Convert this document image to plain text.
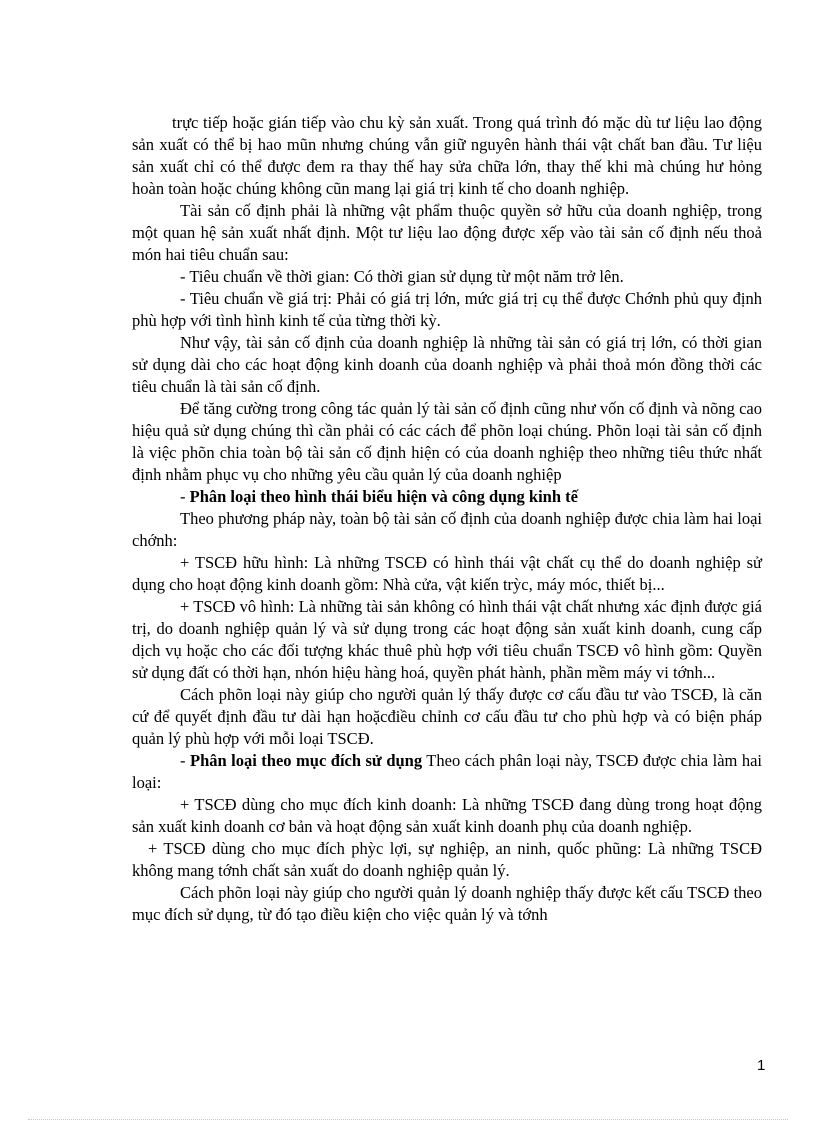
trực tiếp hoặc gián tiếp vào chu kỳ sản xuất. Trong quá trình đó mặc dù tư liệu lao động sản xuất có thể bị hao mũn nhưng chúng vẫn giữ nguyên hành thái vật chất ban đầu. Tư liệu sản xuất chỉ có thể được đem ra thay thế hay sửa chữa lớn, thay thế khi mà chúng hư hỏng hoàn toàn hoặc chúng không cũn mang lại giá trị kinh tế cho doanh nghiệp.

Tài sản cố định phải là những vật phẩm thuộc quyền sở hữu của doanh nghiệp, trong một quan hệ sản xuất nhất định. Một tư liệu lao động được xếp vào tài sản cố định nếu thoả món hai tiêu chuẩn sau:

- Tiêu chuẩn về thời gian: Có thời gian sử dụng từ một năm trở lên.

- Tiêu chuẩn về giá trị: Phải có giá trị lớn, mức giá trị cụ thể được Chớnh phủ quy định phù hợp với tình hình kinh tế của từng thời kỳ.

Như vậy, tài sản cố định của doanh nghiệp là những tài sản có giá trị lớn, có thời gian sử dụng dài cho các hoạt động kinh doanh của doanh nghiệp và phải thoả món đồng thời các tiêu chuẩn là tài sản cố định.

Để tăng cường trong công tác quản lý tài sản cố định cũng như vốn cố định và nõng cao hiệu quả sử dụng chúng thì cần phải có các cách để phõn loại chúng. Phõn loại tài sản cố định là việc phõn chia toàn bộ tài sản cố định hiện có của doanh nghiệp theo những tiêu thức nhất định nhằm phục vụ cho những yêu cầu quản lý của doanh nghiệp

- Phân loại theo hình thái biểu hiện và công dụng kinh tế

Theo phương pháp này, toàn bộ tài sản cố định của doanh nghiệp được chia làm hai loại chớnh:

+ TSCĐ hữu hình: Là những TSCĐ có hình thái vật chất cụ thể do doanh nghiệp sử dụng cho hoạt động kinh doanh gồm: Nhà cửa, vật kiến trỳc, máy móc, thiết bị...

+ TSCĐ vô hình: Là những tài sản không có hình thái vật chất nhưng xác định được giá trị, do doanh nghiệp quản lý và sử dụng trong các hoạt động sản xuất kinh doanh, cung cấp dịch vụ hoặc cho các đối tượng khác thuê phù hợp với tiêu chuẩn TSCĐ vô hình gồm: Quyền sử dụng đất có thời hạn, nhón hiệu hàng hoá, quyền phát hành, phần mềm máy vi tớnh...

Cách phõn loại này giúp cho người quản lý thấy được cơ cấu đầu tư vào TSCĐ, là căn cứ để quyết định đầu tư dài hạn hoặcđiều chỉnh cơ cấu đầu tư cho phù hợp và có biện pháp quản lý phù hợp với mỗi loại TSCĐ.

- Phân loại theo mục đích sử dụng Theo cách phân loại này, TSCĐ được chia làm hai loại:

+ TSCĐ dùng cho mục đích kinh doanh: Là những TSCĐ đang dùng trong hoạt động sản xuất kinh doanh cơ bản và hoạt động sản xuất kinh doanh phụ của doanh nghiệp.

+ TSCĐ dùng cho mục đích phỳc lợi, sự nghiệp, an ninh, quốc phũng: Là những TSCĐ không mang tớnh chất sản xuất do doanh nghiệp quản lý.

Cách phõn loại này giúp cho người quản lý doanh nghiệp thấy được kết cấu TSCĐ theo mục đích sử dụng, từ đó tạo điều kiện cho việc quản lý và tớnh

1
